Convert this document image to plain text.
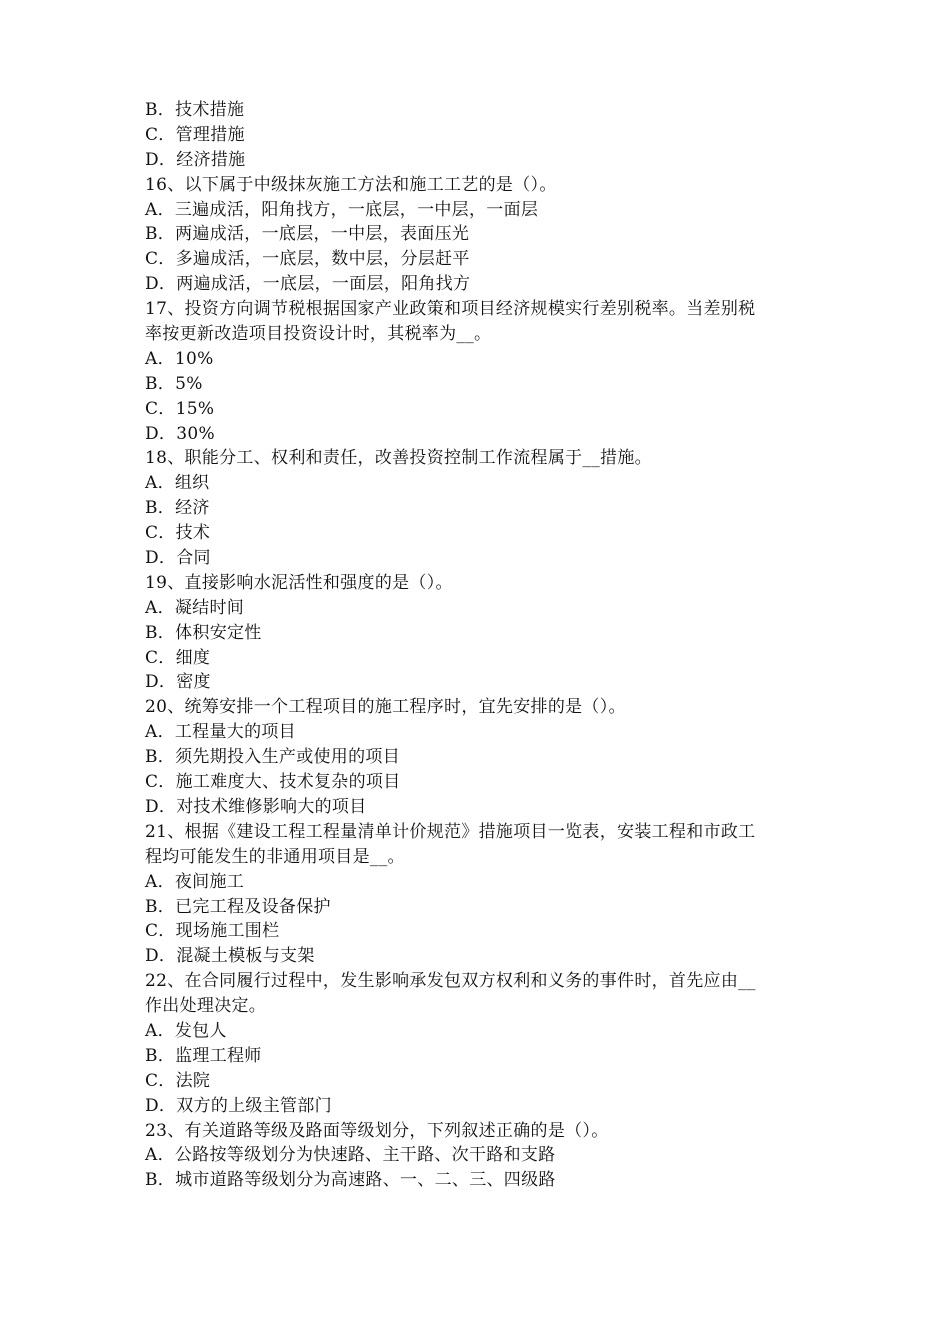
B．技术措施
C．管理措施
D．经济措施
16、以下属于中级抹灰施工方法和施工工艺的是（）。
A．三遍成活，阳角找方，一底层，一中层，一面层
B．两遍成活，一底层，一中层，表面压光
C．多遍成活，一底层，数中层，分层赶平
D．两遍成活，一底层，一面层，阳角找方
17、投资方向调节税根据国家产业政策和项目经济规模实行差别税率。当差别税
率按更新改造项目投资设计时，其税率为__。
A．10%
B．5%
C．15%
D．30%
18、职能分工、权利和责任，改善投资控制工作流程属于__措施。
A．组织
B．经济
C．技术
D．合同
19、直接影响水泥活性和强度的是（）。
A．凝结时间
B．体积安定性
C．细度
D．密度
20、统筹安排一个工程项目的施工程序时，宜先安排的是（）。
A．工程量大的项目
B．须先期投入生产或使用的项目
C．施工难度大、技术复杂的项目
D．对技术维修影响大的项目
21、根据《建设工程工程量清单计价规范》措施项目一览表，安装工程和市政工
程均可能发生的非通用项目是__。
A．夜间施工
B．已完工程及设备保护
C．现场施工围栏
D．混凝土模板与支架
22、在合同履行过程中，发生影响承发包双方权利和义务的事件时，首先应由__
作出处理决定。
A．发包人
B．监理工程师
C．法院
D．双方的上级主管部门
23、有关道路等级及路面等级划分，下列叙述正确的是（）。
A．公路按等级划分为快速路、主干路、次干路和支路
B．城市道路等级划分为高速路、一、二、三、四级路
